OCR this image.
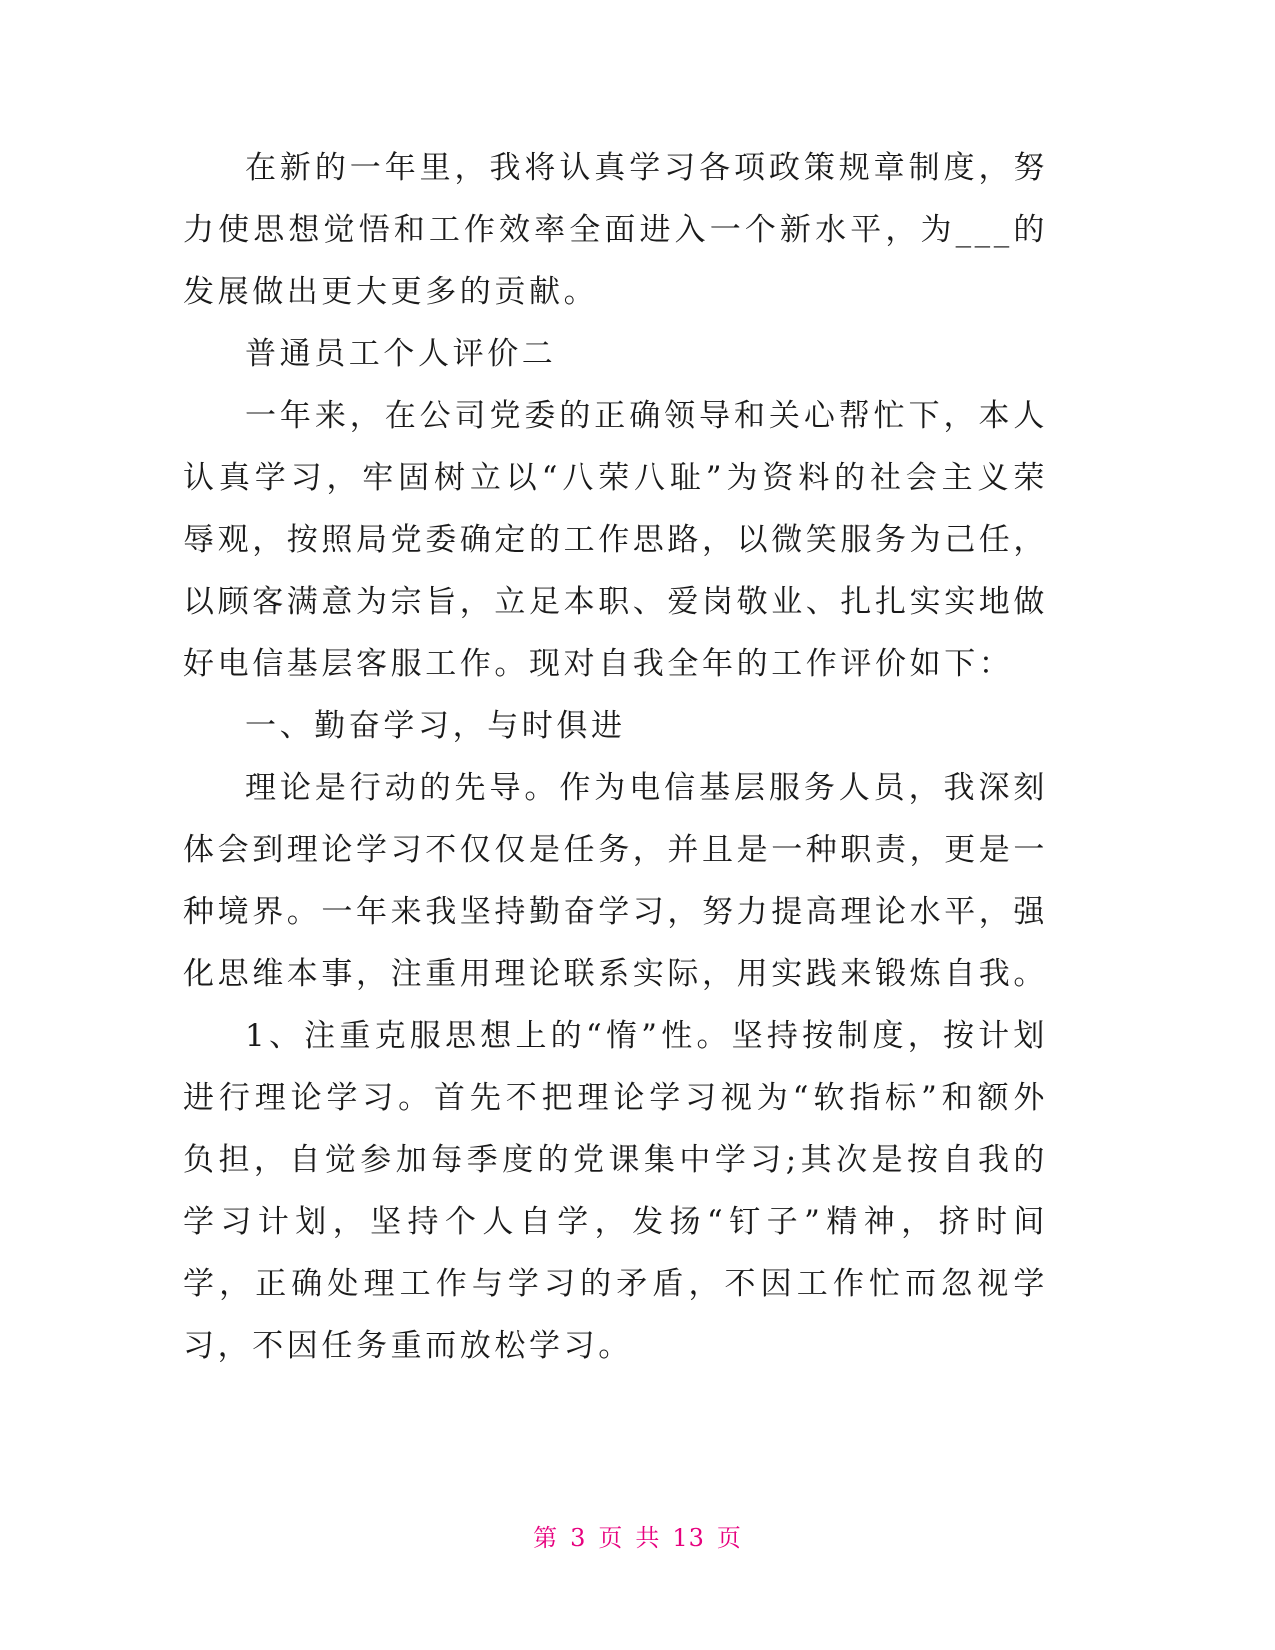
在新的一年里，我将认真学习各项政策规章制度，努力使思想觉悟和工作效率全面进入一个新水平，为___的发展做出更大更多的贡献。

普通员工个人评价二

一年来，在公司党委的正确领导和关心帮忙下，本人认真学习，牢固树立以“八荣八耻”为资料的社会主义荣辱观，按照局党委确定的工作思路，以微笑服务为己任，以顾客满意为宗旨，立足本职、爱岗敬业、扎扎实实地做好电信基层客服工作。现对自我全年的工作评价如下：

一、勤奋学习，与时俱进

理论是行动的先导。作为电信基层服务人员，我深刻体会到理论学习不仅仅是任务，并且是一种职责，更是一种境界。一年来我坚持勤奋学习，努力提高理论水平，强化思维本事，注重用理论联系实际，用实践来锻炼自我。

1、注重克服思想上的“惰”性。坚持按制度，按计划进行理论学习。首先不把理论学习视为“软指标”和额外负担，自觉参加每季度的党课集中学习;其次是按自我的学习计划，坚持个人自学，发扬“钉子”精神，挤时间学，正确处理工作与学习的矛盾，不因工作忙而忽视学习，不因任务重而放松学习。

第 3 页 共 13 页
